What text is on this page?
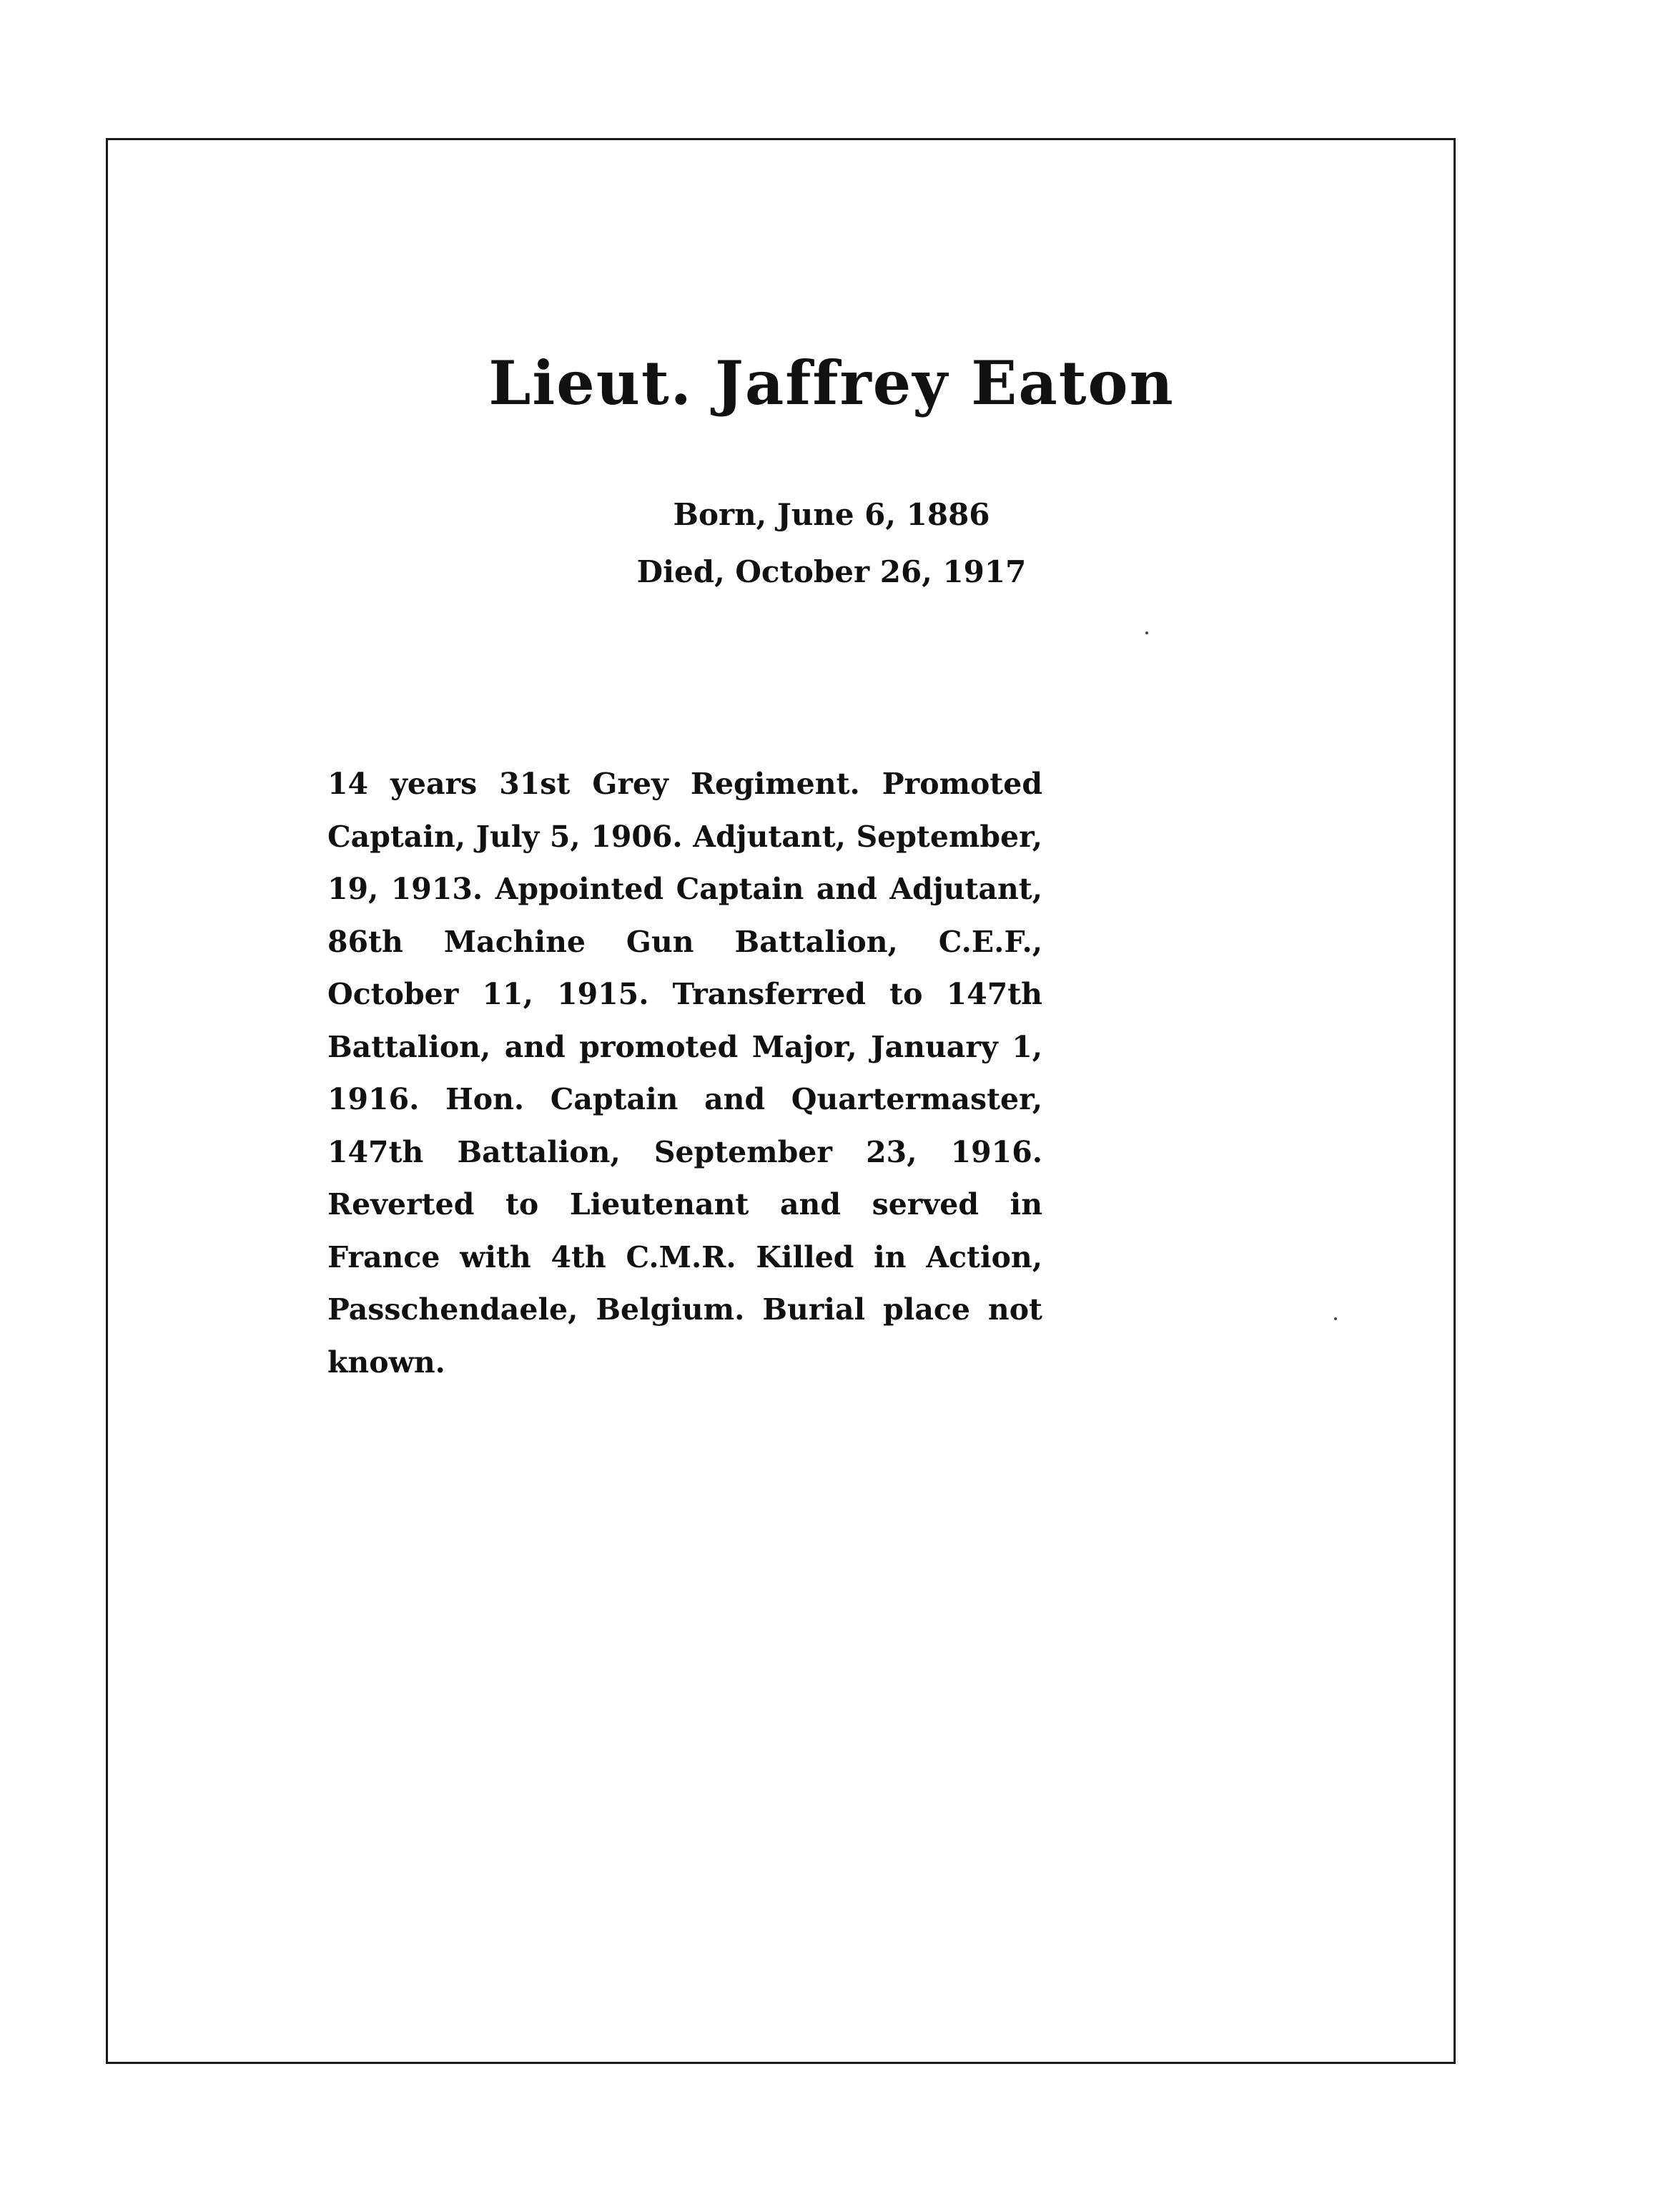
Lieut. Jaffrey Eaton
Born, June 6, 1886
Died, October 26, 1917
14 years 31st Grey Regiment. Promoted Captain, July 5, 1906. Adjutant, September, 19, 1913. Appointed Captain and Adjutant, 86th Machine Gun Battalion, C.E.F., October 11, 1915. Transferred to 147th Battalion, and promoted Major, January 1, 1916. Hon. Captain and Quartermaster, 147th Battalion, September 23, 1916. Reverted to Lieutenant and served in France with 4th C.M.R. Killed in Action, Passchendaele, Belgium. Burial place not known.
